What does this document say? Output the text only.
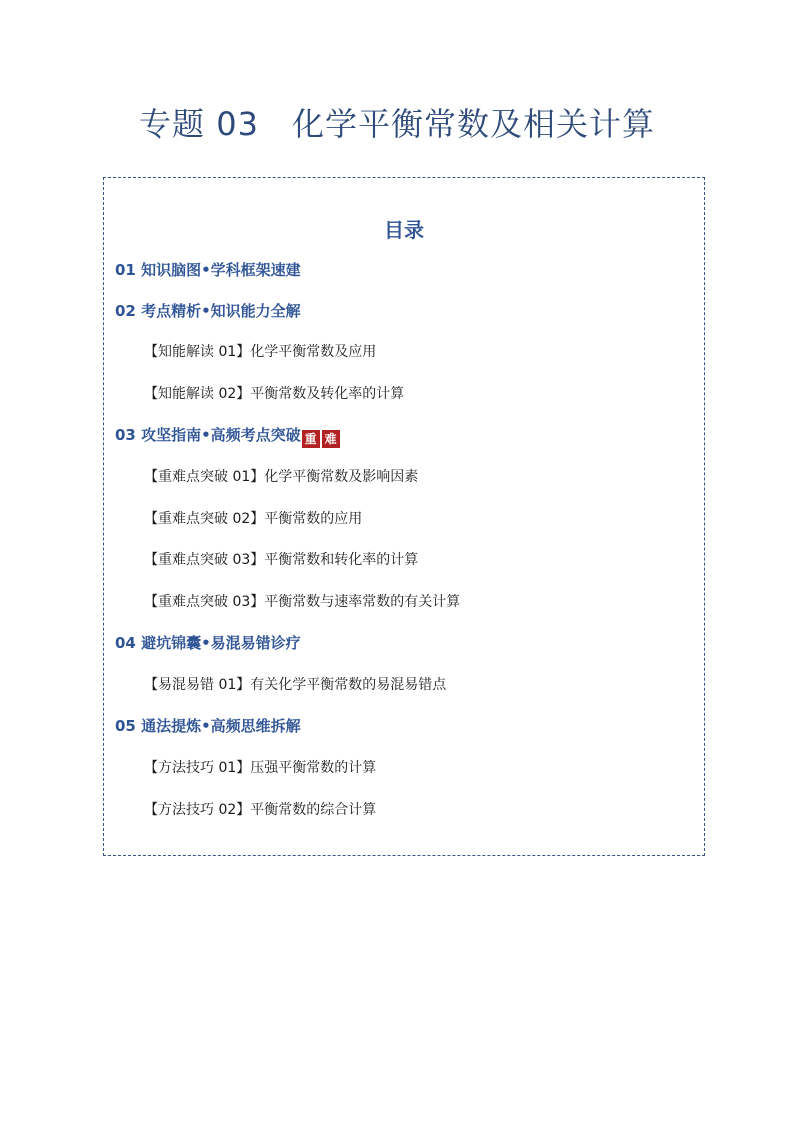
专题 03　化学平衡常数及相关计算
目录
01 知识脑图•学科框架速建
02 考点精析•知识能力全解
【知能解读 01】化学平衡常数及应用
【知能解读 02】平衡常数及转化率的计算
03 攻坚指南•高频考点突破 重 难
【重难点突破 01】化学平衡常数及影响因素
【重难点突破 02】平衡常数的应用
【重难点突破 03】平衡常数和转化率的计算
【重难点突破 03】平衡常数与速率常数的有关计算
04 避坑锦囊•易混易错诊疗
【易混易错 01】有关化学平衡常数的易混易错点
05 通法提炼•高频思维拆解
【方法技巧 01】压强平衡常数的计算
【方法技巧 02】平衡常数的综合计算
